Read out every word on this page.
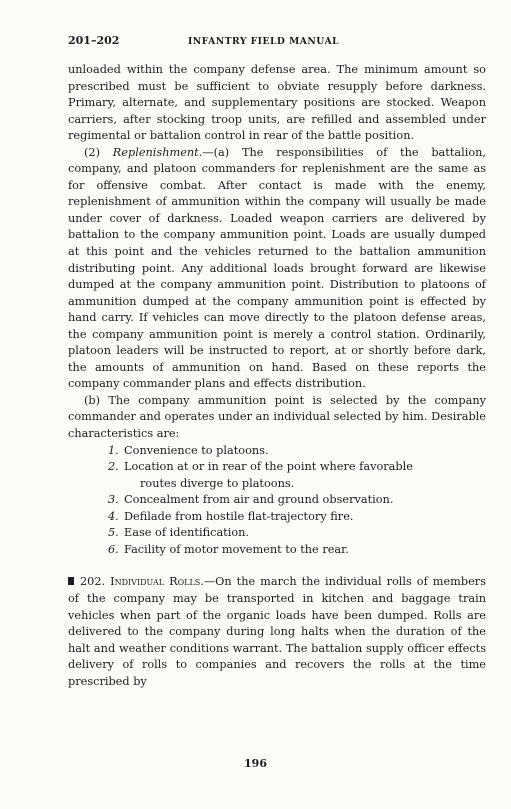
201–202	INFANTRY FIELD MANUAL

unloaded within the company defense area. The minimum amount so prescribed must be sufficient to obviate resupply before darkness. Primary, alternate, and supplementary positions are stocked. Weapon carriers, after stocking troop units, are refilled and assembled under regimental or battalion control in rear of the battle position.

(2) Replenishment.—(a) The responsibilities of the battalion, company, and platoon commanders for replenishment are the same as for offensive combat. After contact is made with the enemy, replenishment of ammunition within the company will usually be made under cover of darkness. Loaded weapon carriers are delivered by battalion to the company ammunition point. Loads are usually dumped at this point and the vehicles returned to the battalion ammunition distributing point. Any additional loads brought forward are likewise dumped at the company ammunition point. Distribution to platoons of ammunition dumped at the company ammunition point is effected by hand carry. If vehicles can move directly to the platoon defense areas, the company ammunition point is merely a control station. Ordinarily, platoon leaders will be instructed to report, at or shortly before dark, the amounts of ammunition on hand. Based on these reports the company commander plans and effects distribution.

(b) The company ammunition point is selected by the company commander and operates under an individual selected by him. Desirable characteristics are:

1. Convenience to platoons.
2. Location at or in rear of the point where favorable
routes diverge to platoons.
3. Concealment from air and ground observation.
4. Defilade from hostile flat-trajectory fire.
5. Ease of identification.
6. Facility of motor movement to the rear.

202. Individual Rolls.—On the march the individual rolls of members of the company may be transported in kitchen and baggage train vehicles when part of the organic loads have been dumped. Rolls are delivered to the company during long halts when the duration of the halt and weather conditions warrant. The battalion supply officer effects delivery of rolls to companies and recovers the rolls at the time prescribed by

196
